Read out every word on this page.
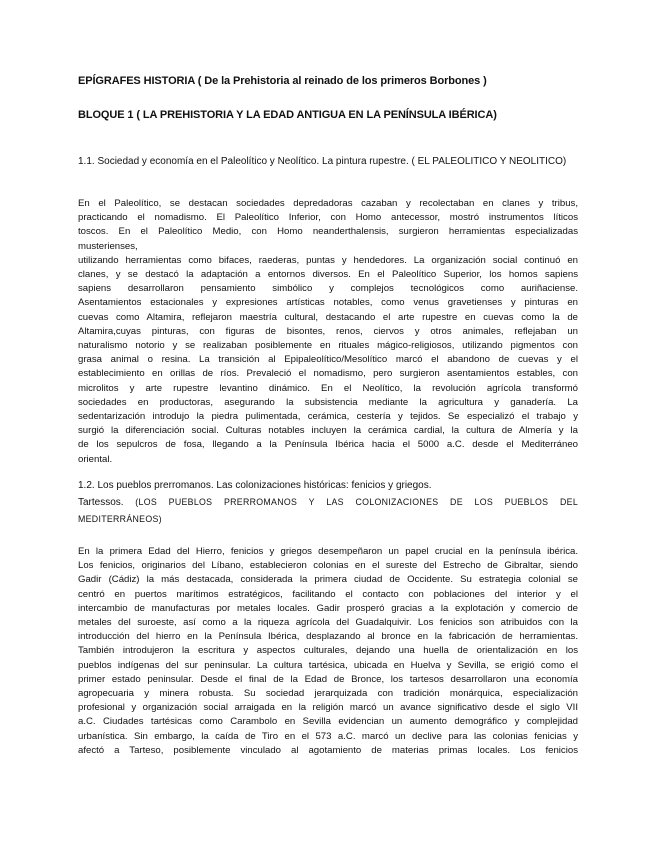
EPÍGRAFES HISTORIA ( De la Prehistoria al reinado de los primeros Borbones )
BLOQUE 1 ( LA PREHISTORIA Y LA EDAD ANTIGUA EN LA PENÍNSULA IBÉRICA)
1.1. Sociedad y economía en el Paleolítico y Neolítico. La pintura rupestre. ( EL PALEOLITICO Y NEOLITICO)
En el Paleolítico, se destacan sociedades depredadoras cazaban y recolectaban en clanes y tribus,
practicando el nomadismo. El Paleolítico Inferior, con Homo antecessor, mostró instrumentos líticos
toscos. En el Paleolítico Medio, con Homo neanderthalensis, surgieron herramientas especializadas
musterienses,
utilizando herramientas como bifaces, raederas, puntas y hendedores. La organización social continuó en
clanes, y se destacó la adaptación a entornos diversos. En el Paleolítico Superior, los homos sapiens
sapiens desarrollaron pensamiento simbólico y complejos tecnológicos como auriñaciense.
Asentamientos estacionales y expresiones artísticas notables, como venus gravetienses y pinturas en
cuevas como Altamira, reflejaron maestría cultural, destacando el arte rupestre en cuevas como la de
Altamira,cuyas pinturas, con figuras de bisontes, renos, ciervos y otros animales, reflejaban un
naturalismo notorio y se realizaban posiblemente en rituales mágico-religiosos, utilizando pigmentos con
grasa animal o resina. La transición al Epipaleolítico/Mesolítico marcó el abandono de cuevas y el
establecimiento en orillas de ríos. Prevaleció el nomadismo, pero surgieron asentamientos estables, con
microlitos y arte rupestre levantino dinámico. En el Neolítico, la revolución agrícola transformó
sociedades en productoras, asegurando la subsistencia mediante la agricultura y ganadería. La
sedentarización introdujo la piedra pulimentada, cerámica, cestería y tejidos. Se especializó el trabajo y
surgió la diferenciación social. Culturas notables incluyen la cerámica cardial, la cultura de Almería y la
de los sepulcros de fosa, llegando a la Península Ibérica hacia el 5000 a.C. desde el Mediterráneo
oriental.
1.2. Los pueblos prerromanos. Las colonizaciones históricas: fenicios y griegos.
Tartessos. (LOS PUEBLOS PRERROMANOS Y LAS COLONIZACIONES DE LOS PUEBLOS DEL
MEDITERRÁNEOS)
En la primera Edad del Hierro, fenicios y griegos desempeñaron un papel crucial en la península ibérica.
Los fenicios, originarios del Líbano, establecieron colonias en el sureste del Estrecho de Gibraltar, siendo
Gadir (Cádiz) la más destacada, considerada la primera ciudad de Occidente. Su estrategia colonial se
centró en puertos marítimos estratégicos, facilitando el contacto con poblaciones del interior y el
intercambio de manufacturas por metales locales. Gadir prosperó gracias a la explotación y comercio de
metales del suroeste, así como a la riqueza agrícola del Guadalquivir. Los fenicios son atribuidos con la
introducción del hierro en la Península Ibérica, desplazando al bronce en la fabricación de herramientas.
También introdujeron la escritura y aspectos culturales, dejando una huella de orientalización en los
pueblos indígenas del sur peninsular. La cultura tartésica, ubicada en Huelva y Sevilla, se erigió como el
primer estado peninsular. Desde el final de la Edad de Bronce, los tartesos desarrollaron una economía
agropecuaria y minera robusta. Su sociedad jerarquizada con tradición monárquica, especialización
profesional y organización social arraigada en la religión marcó un avance significativo desde el siglo VII
a.C. Ciudades tartésicas como Carambolo en Sevilla evidencian un aumento demográfico y complejidad
urbanística. Sin embargo, la caída de Tiro en el 573 a.C. marcó un declive para las colonias fenicias y
afectó a Tarteso, posiblemente vinculado al agotamiento de materias primas locales. Los fenicios
